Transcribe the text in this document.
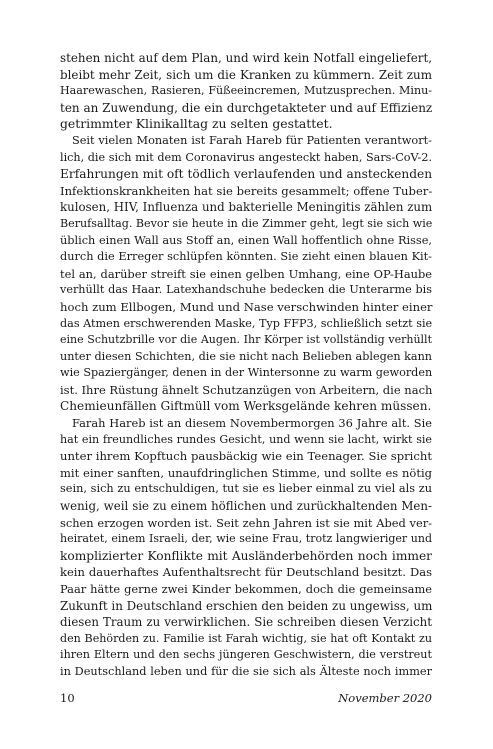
stehen nicht auf dem Plan, und wird kein Notfall eingeliefert,
bleibt mehr Zeit, sich um die Kranken zu kümmern. Zeit zum
Haarewaschen, Rasieren, Füßeeincremen, Mutzusprechen. Minu-
ten an Zuwendung, die ein durchgetakteter und auf Effizienz
getrimmter Klinikalltag zu selten gestattet.
Seit vielen Monaten ist Farah Hareb für Patienten verantwort-
lich, die sich mit dem Coronavirus angesteckt haben, Sars-CoV-2.
Erfahrungen mit oft tödlich verlaufenden und ansteckenden
Infektionskrankheiten hat sie bereits gesammelt; offene Tuber-
kulosen, HIV, Influenza und bakterielle Meningitis zählen zum
Berufsalltag. Bevor sie heute in die Zimmer geht, legt sie sich wie
üblich einen Wall aus Stoff an, einen Wall hoffentlich ohne Risse,
durch die Erreger schlüpfen könnten. Sie zieht einen blauen Kit-
tel an, darüber streift sie einen gelben Umhang, eine OP-Haube
verhüllt das Haar. Latexhandschuhe bedecken die Unterarme bis
hoch zum Ellbogen, Mund und Nase verschwinden hinter einer
das Atmen erschwerenden Maske, Typ FFP3, schließlich setzt sie
eine Schutzbrille vor die Augen. Ihr Körper ist vollständig verhüllt
unter diesen Schichten, die sie nicht nach Belieben ablegen kann
wie Spaziergänger, denen in der Wintersonne zu warm geworden
ist. Ihre Rüstung ähnelt Schutzanzügen von Arbeitern, die nach
Chemieunfällen Giftmüll vom Werksgelände kehren müssen.
Farah Hareb ist an diesem Novembermorgen 36 Jahre alt. Sie
hat ein freundliches rundes Gesicht, und wenn sie lacht, wirkt sie
unter ihrem Kopftuch pausbäckig wie ein Teenager. Sie spricht
mit einer sanften, unaufdringlichen Stimme, und sollte es nötig
sein, sich zu entschuldigen, tut sie es lieber einmal zu viel als zu
wenig, weil sie zu einem höflichen und zurückhaltenden Men-
schen erzogen worden ist. Seit zehn Jahren ist sie mit Abed ver-
heiratet, einem Israeli, der, wie seine Frau, trotz langwieriger und
komplizierter Konflikte mit Ausländerbehörden noch immer
kein dauerhaftes Aufenthaltsrecht für Deutschland besitzt. Das
Paar hätte gerne zwei Kinder bekommen, doch die gemeinsame
Zukunft in Deutschland erschien den beiden zu ungewiss, um
diesen Traum zu verwirklichen. Sie schreiben diesen Verzicht
den Behörden zu. Familie ist Farah wichtig, sie hat oft Kontakt zu
ihren Eltern und den sechs jüngeren Geschwistern, die verstreut
in Deutschland leben und für die sie sich als Älteste noch immer
10	November 2020
